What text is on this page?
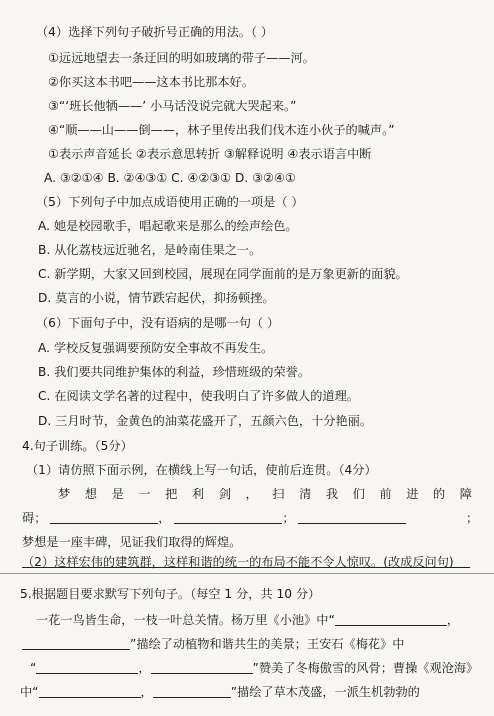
（4）选择下列句子破折号正确的用法。（ ）
①远远地望去一条迂回的明如玻璃的带子——河。
②你买这本书吧——这本书比那本好。
③“‘班长他牺——’ 小马话没说完就大哭起来。”
④“顺——山——倒——，林子里传出我们伐木连小伙子的喊声。”
①表示声音延长 ②表示意思转折 ③解释说明 ④表示语言中断
A. ③②①④ B. ②④③① C. ④②③① D. ③②④①
（5）下列句子中加点成语使用正确的一项是（ ）
A. 她是校园歌手，唱起歌来是那么的绘声绘色。
B. 从化荔枝远近驰名，是岭南佳果之一。
C. 新学期，大家又回到校园，展现在同学面前的是万象更新的面貌。
D. 莫言的小说，情节跌宕起伏，抑扬顿挫。
（6）下面句子中，没有语病的是哪一句（ ）
A. 学校反复强调要预防安全事故不再发生。
B. 我们要共同维护集体的利益，珍惜班级的荣誉。
C. 在阅读文学名著的过程中，使我明白了许多做人的道理。
D. 三月时节，金黄色的油菜花盛开了，五颜六色，十分艳丽。
4.句子训练。（5分）
（1）请仿照下面示例，在横线上写一句话，使前后连贯。（4分）
梦想是一把利剑，扫清我们前进的障
碍；	，	；	；
梦想是一座丰碑，见证我们取得的辉煌。
（2）这样宏伟的建筑群，这样和谐的统一的布局不能不令人惊叹。(改成反问句)
5.根据题目要求默写下列句子。（每空 1 分，共 10 分）
一花一鸟皆生命，一枝一叶总关情。杨万里《小池》中“	，
”描绘了动植物和谐共生的美景；王安石《梅花》中
“	，	”赞美了冬梅傲雪的风骨；曹操《观沧海》
中“	，	”描绘了草木茂盛，一派生机勃勃的
